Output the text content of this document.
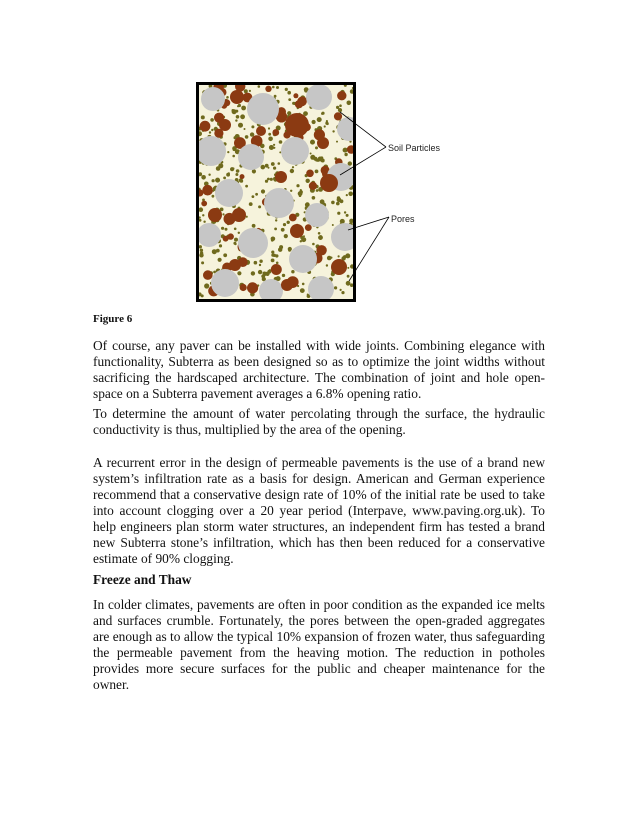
Soil Particles
Pores
Figure 6
Of course, any paver can be installed with wide joints. Combining elegance with functionality, Subterra as been designed so as to optimize the joint widths without sacrificing the hardscaped architecture. The combination of joint and hole open-space on a Subterra pavement averages a 6.8% opening ratio.
To determine the amount of water percolating through the surface, the hydraulic conductivity is thus, multiplied by the area of the opening.
A recurrent error in the design of permeable pavements is the use of a brand new system’s infiltration rate as a basis for design. American and German experience recommend that a conservative design rate of 10% of the initial rate be used to take into account clogging over a 20 year period (Interpave, www.paving.org.uk). To help engineers plan storm water structures, an independent firm has tested a brand new Subterra stone’s infiltration, which has then been reduced for a conservative estimate of 90% clogging.
Freeze and Thaw
In colder climates, pavements are often in poor condition as the expanded ice melts and surfaces crumble. Fortunately, the pores between the open-graded aggregates are enough as to allow the typical 10% expansion of frozen water, thus safeguarding the permeable pavement from the heaving motion. The reduction in potholes provides more secure surfaces for the public and cheaper maintenance for the owner.
